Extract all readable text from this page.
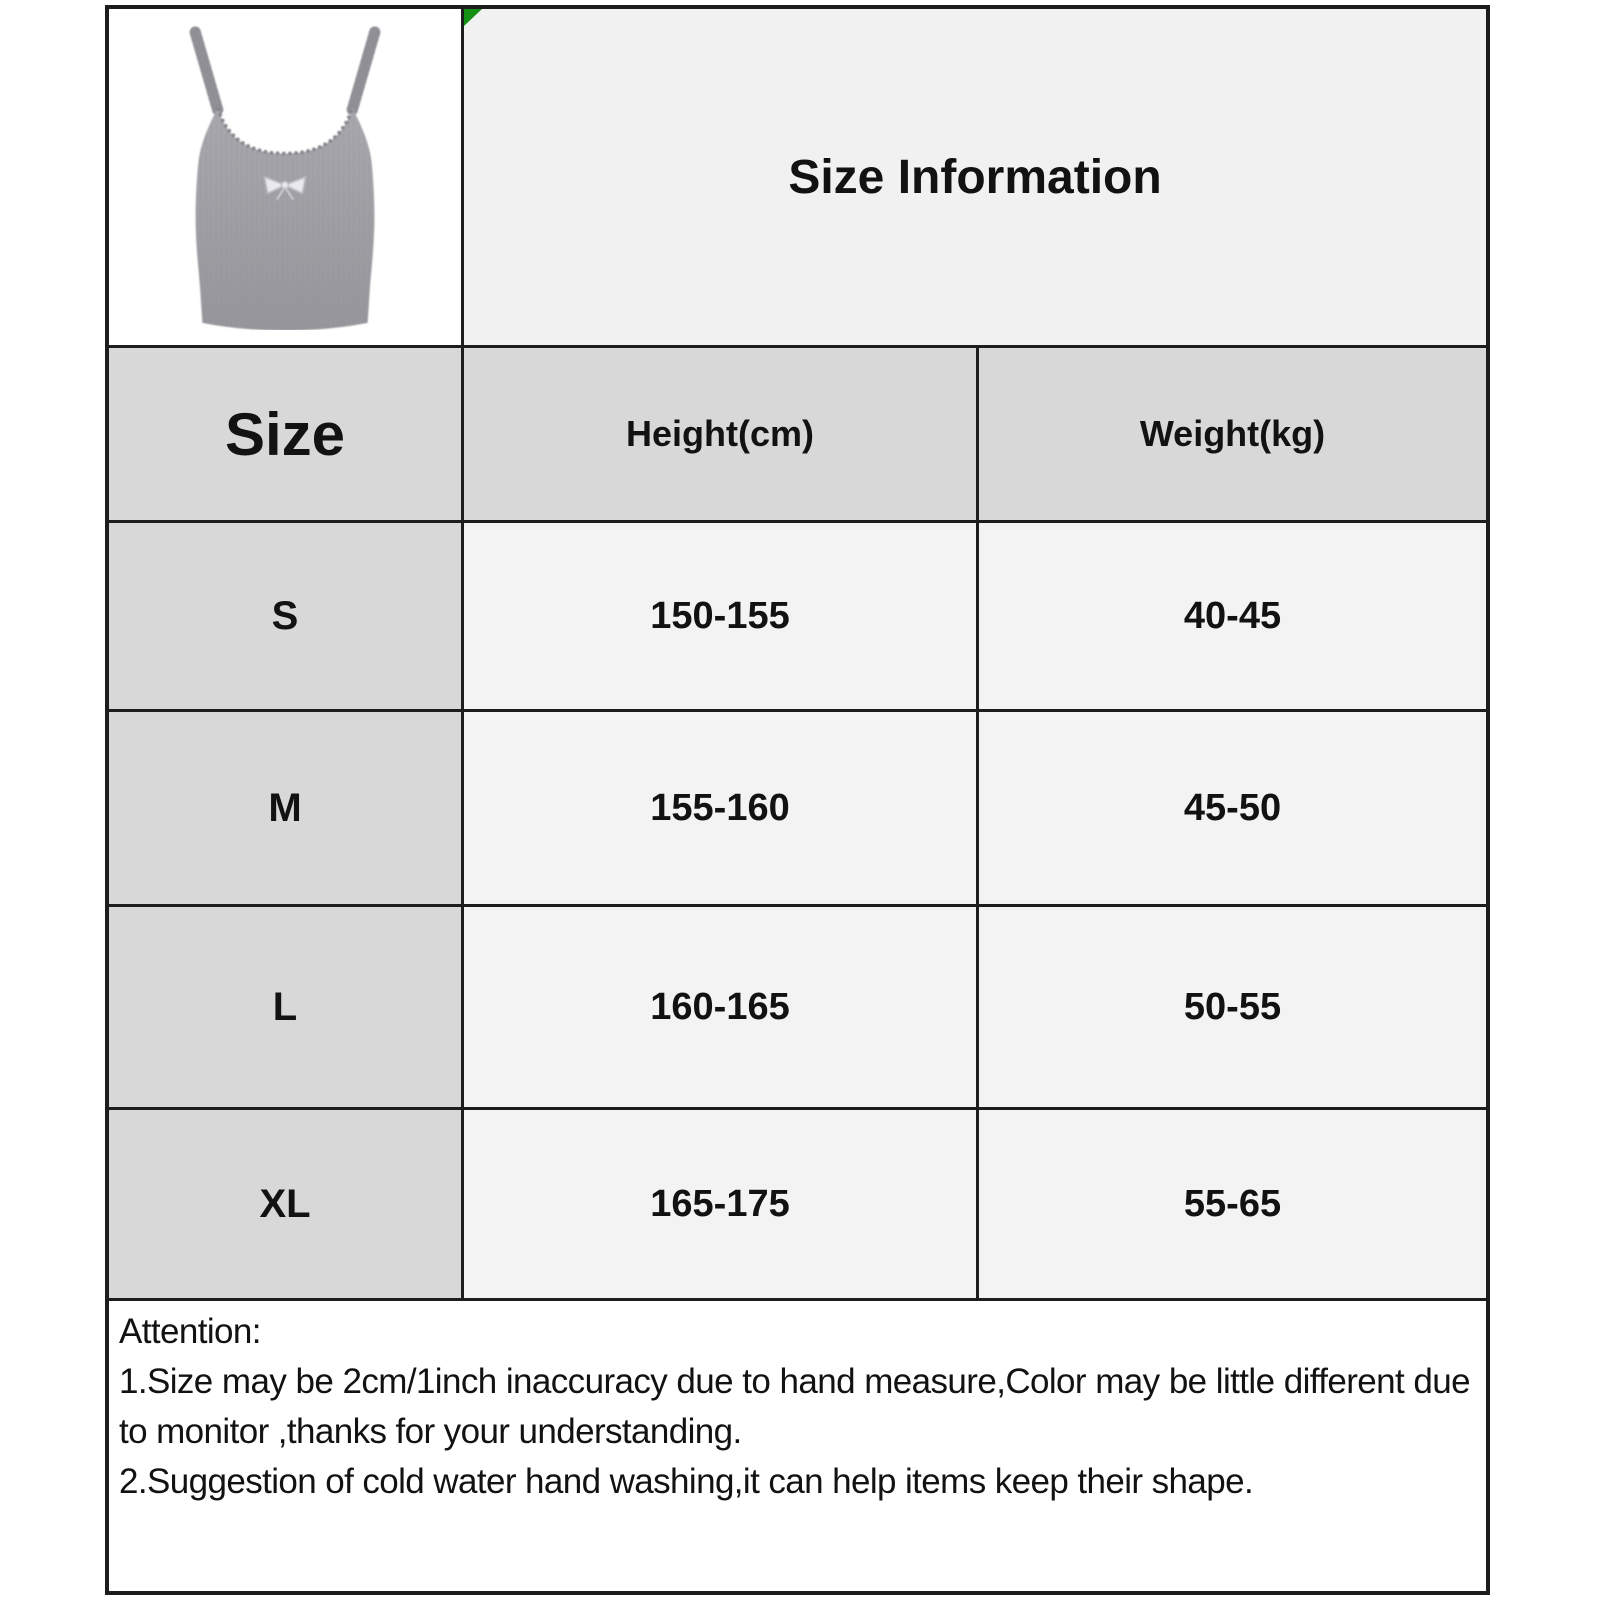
Size Information
Size	Height(cm)	Weight(kg)
S	150-155	40-45
M	155-160	45-50
L	160-165	50-55
XL	165-175	55-65

Attention:

1.Size may be 2cm/1inch inaccuracy due to hand measure,Color may be little different due to monitor ,thanks for your understanding.

2.Suggestion of cold water hand washing,it can help items keep their shape.
